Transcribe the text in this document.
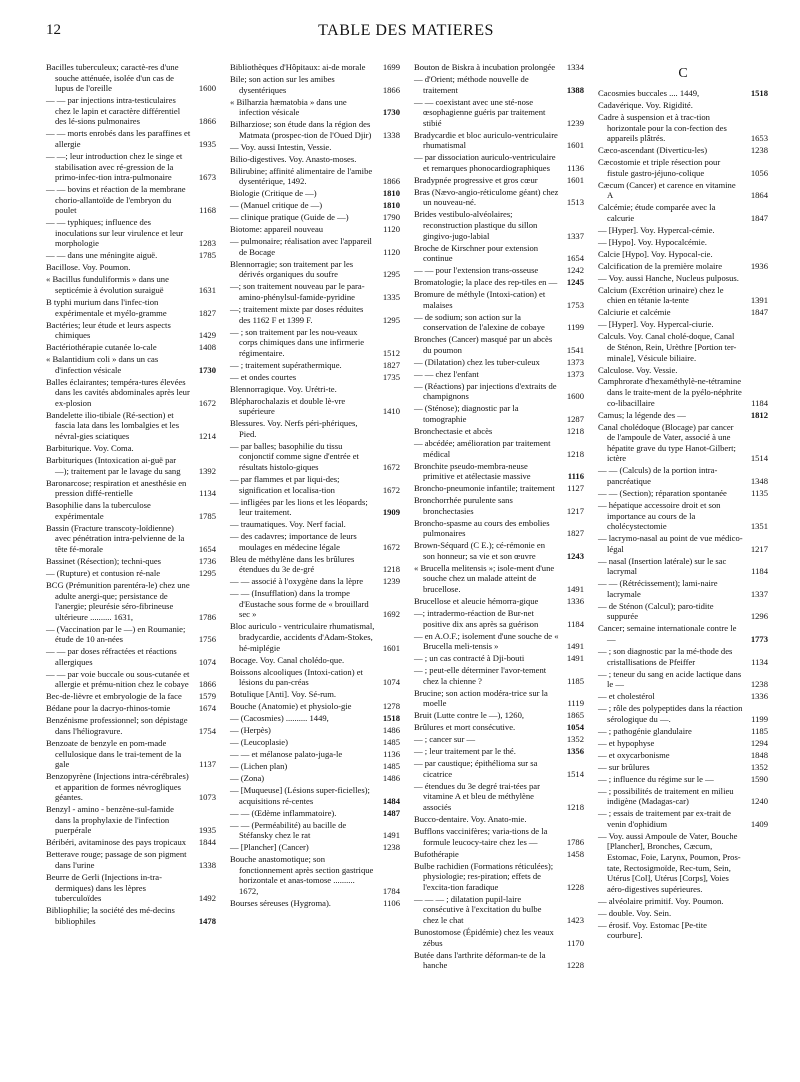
12	TABLE DES MATIERES
Bacilles tuberculeux; caractè-res d'une souche atténuée, isolée d'un cas de lupus de l'oreille	1600
— — par injections intra-testiculaires chez le lapin et caractère différentiel des lé-sions pulmonaires	1866
— — morts enrobés dans les paraffines et allergie	1935
— —; leur introduction chez le singe et stabilisation avec ré-gression de la primo-infec-tion intra-pulmonaire	1673
— — bovins et réaction de la membrane chorio-allantoïde de l'embryon du poulet	1168
— — typhiques; influence des inoculations sur leur virulence et leur morphologie	1283
— — dans une méningite aiguë.	1785
Bacillose. Voy. Poumon.
« Bacillus funduliformis » dans une septicémie à évolution suraiguë	1631
B typhi murium dans l'infec-tion expérimentale et myélo-gramme	1827
Bactéries; leur étude et leurs aspects chimiques	1429
Bactériothérapie cutanée lo-cale	1408
« Balantidium coli » dans un cas d'infection vésicale	1730
Balles éclairantes; tempéra-tures élevées dans les cavités abdominales après leur ex-plosion	1672
Bandelette ilio-tibiale (Ré-section) et fascia lata dans les lombalgies et les névral-gies sciatiques	1214
Barbiturique. Voy. Coma.
Barbituriques (Intoxication ai-guë par —); traitement par le lavage du sang	1392
Baronarcose; respiration et anesthésie en pression diffé-rentielle	1134
Basophilie dans la tuberculose expérimentale	1785
Bassin (Fracture transcoty-loïdienne) avec pénétration intra-pelvienne de la tête fé-morale	1654
Bassinet (Résection); techni-ques	1736
— (Rupture) et contusion ré-nale	1295
BCG (Prémunition parentéra-le) chez une adulte anergi-que; persistance de l'anergie; pleurésie séro-fibrineuse ultérieure .......... 1631,	1786
— (Vaccination par le —) en Roumanie; étude de 10 an-nées	1756
— — par doses réfractées et réactions allergiques	1074
— — par voie buccale ou sous-cutanée et allergie et prému-nition chez le cobaye	1866
Bec-de-lièvre et embryologie de la face	1579
Bédane pour la dacryo-rhinos-tomie	1674
Benzénisme professionnel; son dépistage dans l'héliogravure.	1754
Benzoate de benzyle en pom-made cellulosique dans le trai-tement de la gale	1137
Benzopyrène (Injections intra-cérébrales) et apparition de formes névrogliques géantes.	1073
Benzyl - amino - benzène-sul-famide dans la prophylaxie de l'infection puerpérale	1935
Béribéri, avitaminose des pays tropicaux	1844
Betterave rouge; passage de son pigment dans l'urine	1338
Beurre de Gerli (Injections in-tra-dermiques) dans les lèpres tuberculoïdes	1492
Bibliophilie; la société des mé-decins bibliophiles	1478
Bibliothèques d'Hôpitaux: ai-de morale	1699
Bile; son action sur les amibes dysentériques	1866
« Bilharzia hæmatobia » dans une infection vésicale	1730
Bilharziose; son étude dans la région des Matmata (prospec-tion de l'Oued Djir)	1338
— Voy. aussi Intestin, Vessie.
Bilio-digestives. Voy. Anasto-moses.
Bilirubine; affinité alimentaire de l'amibe dysentérique, 1492.	1866
Biologie (Critique de —)	1810
— (Manuel critique de —)	1810
— clinique pratique (Guide de —)	1790
Biotome: appareil nouveau	1120
— pulmonaire; réalisation avec l'appareil de Bocage	1120
Blennorragie; son traitement par les dérivés organiques du soufre	1295
—; son traitement nouveau par le para-amino-phénylsul-famide-pyridine	1335
—; traitement mixte par doses réduites des 1162 F et 1399 F.	1295
— ; son traitement par les nou-veaux corps chimiques dans une infirmerie régimentaire.	1512
— ; traitement supérathermique.	1827
— et ondes courtes	1735
Blennorragique. Voy. Urétri-te.
Blépharochalazis et double lè-vre supérieure	1410
Blessures. Voy. Nerfs péri-phériques, Pied.
— par balles; basophilie du tissu conjonctif comme signe d'entrée et résultats histolo-giques	1672
— par flammes et par liqui-des; signification et localisa-tion	1672
— infligées par les lions et les léopards; leur traitement.	1909
— traumatiques. Voy. Nerf facial.
— des cadavres; importance de leurs moulages en médecine légale	1672
Bleu de méthylène dans les brûlures étendues du 3e de-gré	1218
— — associé à l'oxygène dans la lèpre	1239
— — (Insufflation) dans la trompe d'Eustache sous forme de « brouillard sec »	1692
Bloc auriculo - ventriculaire rhumatismal, bradycardie, accidents d'Adam-Stokes, hé-miplégie	1601
Bocage. Voy. Canal cholédo-que.
Boissons alcooliques (Intoxi-cation) et lésions du pan-créas	1074
Botulique [Anti]. Voy. Sé-rum.
Bouche (Anatomie) et physiolo-gie	1278
— (Cacosmies) .......... 1449,	1518
— (Herpès)	1486
— (Leucoplasie)	1485
— — et mélanose palato-juga-le	1136
— (Lichen plan)	1485
— (Zona)	1486
— [Muqueuse] (Lésions super-ficielles); acquisitions ré-centes	1484
— — (Œdème inflammatoire).	1487
— — (Perméabilité) au bacille de Stéfansky chez le rat	1491
— [Plancher] (Cancer)	1238
Bouche anastomotique; son fonctionnement après section gastrique horizontale et anas-tomose .......... 1672,	1784
Bourses séreuses (Hygroma).	1106
Bouton de Biskra à incubation prolongée	1334
— d'Orient; méthode nouvelle de traitement	1388
— — coexistant avec une sté-nose œsophagienne guéris par traitement stibié	1239
Bradycardie et bloc auriculo-ventriculaire rhumatismal	1601
— par dissociation auriculo-ventriculaire et remarques phonocardiographiques	1136
Bradypnée progressive et gros cœur	1601
Bras (Nævo-angio-réticulome géant) chez un nouveau-né.	1513
Brides vestibulo-alvéolaires; reconstruction plastique du sillon gingivo-jugo-labial	1337
Broche de Kirschner pour extension continue	1654
— — pour l'extension trans-osseuse	1242
Bromatologie; la place des rep-tiles en —	1245
Bromure de méthyle (Intoxi-cation) et malaises	1753
— de sodium; son action sur la conservation de l'alexine de cobaye	1199
Bronches (Cancer) masqué par un abcès du poumon	1541
— (Dilatation) chez les tuber-culeux	1373
— — chez l'enfant	1373
— (Réactions) par injections d'extraits de champignons	1600
— (Sténose); diagnostic par la tomographie	1287
Bronchectasie et abcès	1218
— abcédée; amélioration par traitement médical	1218
Bronchite pseudo-membra-neuse primitive et atélectasie massive	1116
Broncho-pneumonie infantile; traitement	1127
Bronchorrhée purulente sans bronchectasies	1217
Broncho-spasme au cours des embolies pulmonaires	1827
Brown-Séquard (C E.); cé-rémonie en son honneur; sa vie et son œuvre	1243
« Brucella melitensis »; isole-ment d'une souche chez un malade atteint de brucellose.	1491
Brucellose et aleucie hémorra-gique	1336
—; intradermo-réaction de Bur-net positive dix ans après sa guérison	1184
— en A.O.F.; isolement d'une souche de « Brucella meli-tensis »	1491
— ; un cas contracté à Dji-bouti	1491
— ; peut-elle déterminer l'avor-tement chez la chienne ?	1185
Brucine; son action modéra-trice sur la moelle	1119
Bruit (Lutte contre le —), 1260,	1865
Brûlures et mort consécutive.	1054
— ; cancer sur —	1352
— ; leur traitement par le thé.	1356
— par caustique; épithélioma sur sa cicatrice	1514
— étendues du 3e degré trai-tées par vitamine A et bleu de méthylène associés	1218
Bucco-dentaire. Voy. Anato-mie.
Bufflons vaccinifères; varia-tions de la formule leucocy-taire chez les —	1786
Bufothérapie	1458
Bulbe rachidien (Formations réticulées); physiologie; res-piration; effets de l'excita-tion faradique	1228
— — — ; dilatation pupil-laire consécutive à l'excitation du bulbe chez le chat	1423
Bunostomose (Épidémie) chez les veaux zébus	1170
Butée dans l'arthrite déforman-te de la hanche	1228
C
Cacosmies buccales .... 1449,	1518
Cadavérique. Voy. Rigidité.
Cadre à suspension et à trac-tion horizontale pour la con-fection des appareils plâtrés.	1653
Cæco-ascendant (Diverticu-les)	1238
Cæcostomie et triple résection pour fistule gastro-jéjuno-colique	1056
Cæcum (Cancer) et carence en vitamine A	1864
Calcémie; étude comparée avec la calcurie	1847
— [Hyper]. Voy. Hypercal-cémie.
— [Hypo]. Voy. Hypocalcémie.
Calcie [Hypo]. Voy. Hypocal-cie.
Calcification de la première molaire	1936
— Voy. aussi Hanche, Nucleus pulposus.
Calcium (Excrétion urinaire) chez le chien en tétanie la-tente	1391
Calciurie et calcémie	1847
— [Hyper]. Voy. Hypercal-ciurie.
Calculs. Voy. Canal cholé-doque, Canal de Sténon, Rein, Urèthre [Portion ter-minale], Vésicule biliaire.
Calculose. Voy. Vessie.
Camphrorate d'hexaméthylè-ne-tétramine dans le traite-ment de la pyélo-néphrite co-libacillaire	1184
Camus; la légende des —	1812
Canal cholédoque (Blocage) par cancer de l'ampoule de Vater, associé à une hépatite grave du type Hanot-Gilbert; ictère	1514
— — (Calculs) de la portion intra-pancréatique	1348
— — (Section); réparation spontanée	1135
— hépatique accessoire droit et son importance au cours de la cholécystectomie	1351
— lacrymo-nasal au point de vue médico-légal	1217
— nasal (Insertion latérale) sur le sac lacrymal	1184
— — (Rétrécissement); lami-naire lacrymale	1337
— de Sténon (Calcul); paro-tidite suppurée	1296
Cancer; semaine internationale contre le —	1773
— ; son diagnostic par la mé-thode des cristallisations de Pfeiffer	1134
— ; teneur du sang en acide lactique dans le —	1238
— et cholestérol	1336
— ; rôle des polypeptides dans la réaction sérologique du —.	1199
— ; pathogénie glandulaire	1185
— et hypophyse	1294
— et oxycarbonisme	1848
— sur brûlures	1352
— ; influence du régime sur le —	1590
— ; possibilités de traitement en milieu indigène (Madagas-car)	1240
— ; essais de traitement par ex-trait de venin d'ophidium	1409
— Voy. aussi Ampoule de Vater, Bouche [Plancher], Bronches, Cæcum, Estomac, Foie, Larynx, Poumon, Pros-tate, Rectosigmoïde, Rec-tum, Sein, Utérus [Col], Utérus [Corps], Voies aéro-digestives supérieures.
— alvéolaire primitif. Voy. Poumon.
— double. Voy. Sein.
— érosif. Voy. Estomac [Pe-tite courbure].
